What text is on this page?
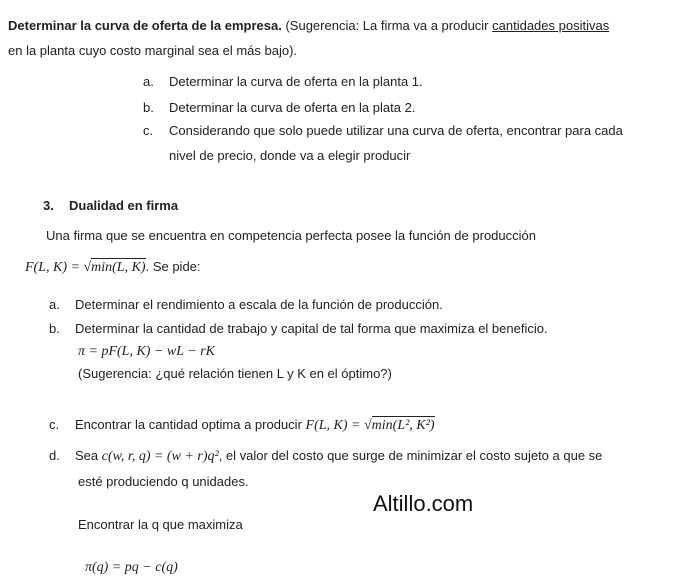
Determinar la curva de oferta de la empresa. (Sugerencia: La firma va a producir cantidades positivas
en la planta cuyo costo marginal sea el más bajo).
a. Determinar la curva de oferta en la planta 1.
b. Determinar la curva de oferta en la plata 2.
c. Considerando que solo puede utilizar una curva de oferta, encontrar para cada
nivel de precio, donde va a elegir producir
3. Dualidad en firma
Una firma que se encuentra en competencia perfecta posee la función de producción
F(L, K) = √min(L, K). Se pide:
a. Determinar el rendimiento a escala de la función de producción.
b. Determinar la cantidad de trabajo y capital de tal forma que maximiza el beneficio.
π = pF(L, K) − wL − rK
(Sugerencia: ¿qué relación tienen L y K en el óptimo?)
c. Encontrar la cantidad optima a producir F(L, K) = √min(L², K²)
d. Sea c(w, r, q) = (w + r)q², el valor del costo que surge de minimizar el costo sujeto a que se
esté produciendo q unidades.
Altillo.com
Encontrar la q que maximiza
π(q) = pq − c(q)
